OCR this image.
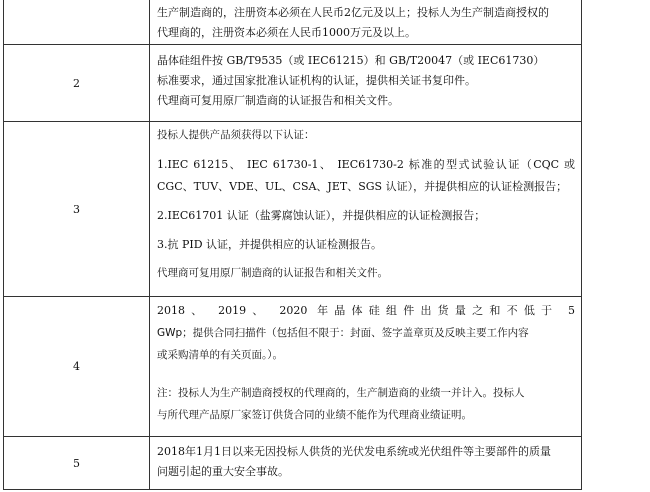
生产制造商的，注册资本必须在人民币2亿元及以上；投标人为生产制造商授权的

代理商的，注册资本必须在人民币1000万元及以上。

2

晶体硅组件按 GB/T9535（或 IEC61215）和 GB/T20047（或 IEC61730）

标准要求，通过国家批准认证机构的认证，提供相关证书复印件。

代理商可复用原厂制造商的认证报告和相关文件。

3

投标人提供产品须获得以下认证：

1.IEC 61215、 IEC 61730-1、 IEC61730-2 标准的型式试验认证（CQC 或

CGC、TUV、VDE、UL、CSA、JET、SGS 认证），并提供相应的认证检测报告；

2.IEC61701 认证（盐雾腐蚀认证），并提供相应的认证检测报告；

3.抗 PID 认证，并提供相应的认证检测报告。

代理商可复用原厂制造商的认证报告和相关文件。

4

2018、 2019、 2020 年晶体硅组件出货量之和不低于 5

GWp；提供合同扫描件（包括但不限于：封面、签字盖章页及反映主要工作内容

或采购清单的有关页面。）。

注：投标人为生产制造商授权的代理商的，生产制造商的业绩一并计入。投标人

与所代理产品原厂家签订供货合同的业绩不能作为代理商业绩证明。

5

2018年1月1日以来无因投标人供货的光伏发电系统或光伏组件等主要部件的质量

问题引起的重大安全事故。
